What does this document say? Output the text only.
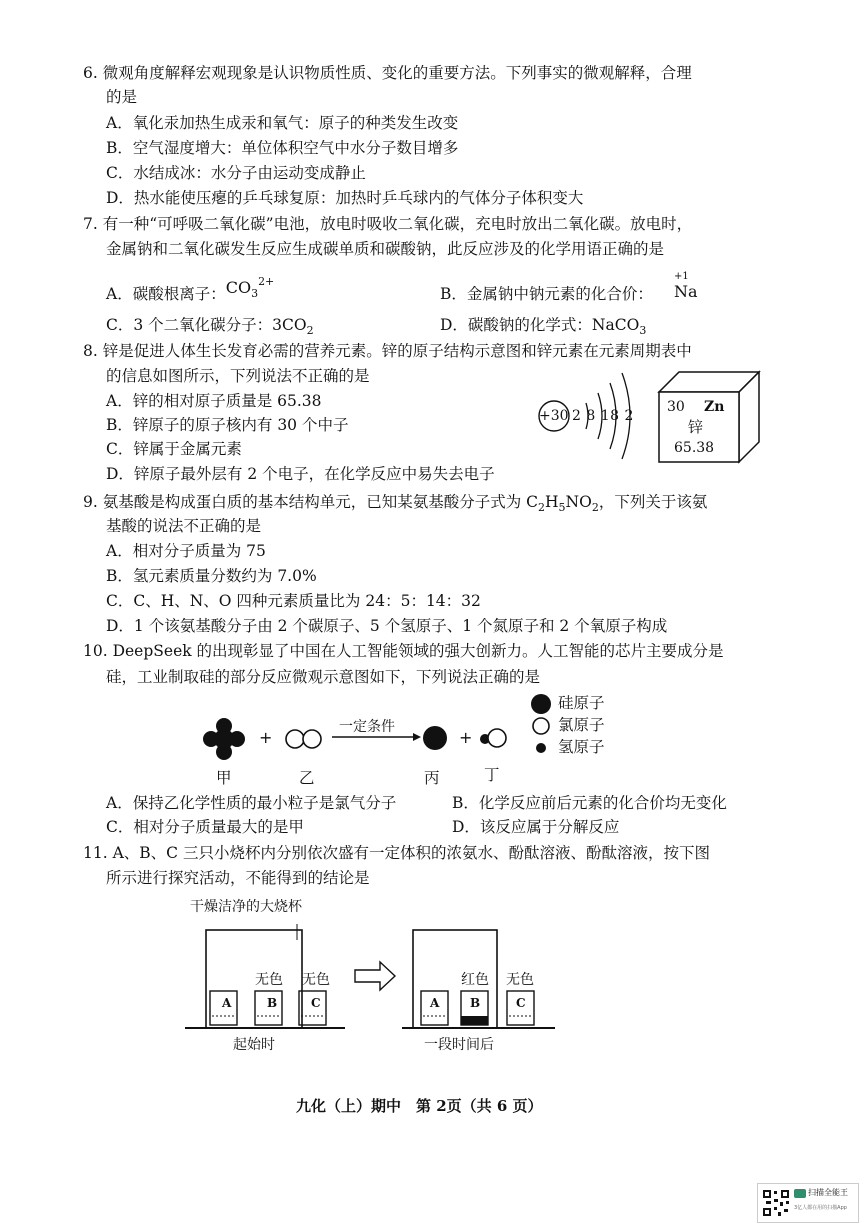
6. 微观角度解释宏观现象是认识物质性质、变化的重要方法。下列事实的微观解释，合理
的是
A．氧化汞加热生成汞和氧气：原子的种类发生改变
B．空气湿度增大：单位体积空气中水分子数目增多
C．水结成冰：水分子由运动变成静止
D．热水能使压瘪的乒乓球复原：加热时乒乓球内的气体分子体积变大
7. 有一种“可呼吸二氧化碳”电池，放电时吸收二氧化碳，充电时放出二氧化碳。放电时，
金属钠和二氧化碳发生反应生成碳单质和碳酸钠，此反应涉及的化学用语正确的是
A．碳酸根离子：$CO_3^{2+}$
B．金属钠中钠元素的化合价：
+1
Na
C．3 个二氧化碳分子：$3CO_2$	D．碳酸钠的化学式：NaCO$_3$
8. 锌是促进人体生长发育必需的营养元素。锌的原子结构示意图和锌元素在元素周期表中
的信息如图所示，下列说法不正确的是
A．锌的相对原子质量是 65.38
B．锌原子的原子核内有 30 个中子
C．锌属于金属元素
D．锌原子最外层有 2 个电子，在化学反应中易失去电子
+30 2 8 18 2
30 Zn
锌
65.38
9. 氨基酸是构成蛋白质的基本结构单元，已知某氨基酸分子式为 $C_2H_5NO_2$，下列关于该氨
基酸的说法不正确的是
A．相对分子质量为 75
B．氢元素质量分数约为 7.0%
C．C、H、N、O 四种元素质量比为 24：5：14：32
D．1 个该氨基酸分子由 2 个碳原子、5 个氢原子、1 个氮原子和 2 个氧原子构成
10. DeepSeek 的出现彰显了中国在人工智能领域的强大创新力。人工智能的芯片主要成分是
硅，工业制取硅的部分反应微观示意图如下，下列说法正确的是
+	+
一定条件
甲	乙	丙	丁
硅原子
氯原子
氢原子
A．保持乙化学性质的最小粒子是氯气分子	B．化学反应前后元素的化合价均无变化
C．相对分子质量最大的是甲	D．该反应属于分解反应
11. A、B、C 三只小烧杯内分别依次盛有一定体积的浓氨水、酚酞溶液、酚酞溶液，按下图
所示进行探究活动，不能得到的结论是
干燥洁净的大烧杯
无色 无色	红色 无色
A	B	C	A	B	C
起始时	一段时间后
九化（上）期中　第 2页（共 6 页）
扫描全能王
3亿人都在用的扫描App
